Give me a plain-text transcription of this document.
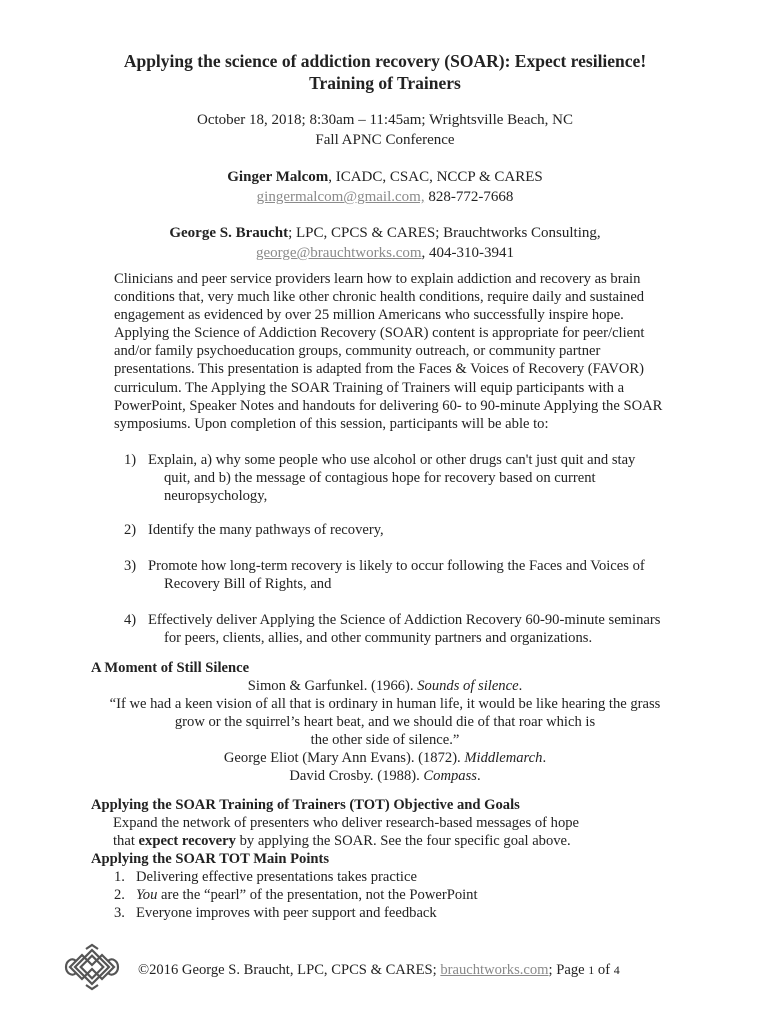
Applying the science of addiction recovery (SOAR): Expect resilience!
Training of Trainers
October 18, 2018; 8:30am – 11:45am; Wrightsville Beach, NC
Fall APNC Conference
Ginger Malcom, ICADC, CSAC, NCCP & CARES
gingermalcom@gmail.com, 828-772-7668
George S. Braucht; LPC, CPCS & CARES; Brauchtworks Consulting,
george@brauchtworks.com, 404-310-3941
Clinicians and peer service providers learn how to explain addiction and recovery as brain conditions that, very much like other chronic health conditions, require daily and sustained engagement as evidenced by over 25 million Americans who successfully inspire hope. Applying the Science of Addiction Recovery (SOAR) content is appropriate for peer/client and/or family psychoeducation groups, community outreach, or community partner presentations. This presentation is adapted from the Faces & Voices of Recovery (FAVOR) curriculum. The Applying the SOAR Training of Trainers will equip participants with a PowerPoint, Speaker Notes and handouts for delivering 60- to 90-minute Applying the SOAR symposiums. Upon completion of this session, participants will be able to:
1) Explain, a) why some people who use alcohol or other drugs can't just quit and stay
quit, and b) the message of contagious hope for recovery based on current neuropsychology,
2) Identify the many pathways of recovery,
3) Promote how long-term recovery is likely to occur following the Faces and Voices of
Recovery Bill of Rights, and
4) Effectively deliver Applying the Science of Addiction Recovery 60-90-minute seminars
for peers, clients, allies, and other community partners and organizations.
A Moment of Still Silence
Simon & Garfunkel. (1966). Sounds of silence.
“If we had a keen vision of all that is ordinary in human life, it would be like hearing the grass
grow or the squirrel’s heart beat, and we should die of that roar which is
the other side of silence.”
George Eliot (Mary Ann Evans). (1872). Middlemarch.
David Crosby. (1988). Compass.
Applying the SOAR Training of Trainers (TOT) Objective and Goals
Expand the network of presenters who deliver research-based messages of hope
that expect recovery by applying the SOAR. See the four specific goal above.
Applying the SOAR TOT Main Points
1. Delivering effective presentations takes practice
2. You are the “pearl” of the presentation, not the PowerPoint
3. Everyone improves with peer support and feedback
©2016 George S. Braucht, LPC, CPCS & CARES; brauchtworks.com; Page 1 of 4
